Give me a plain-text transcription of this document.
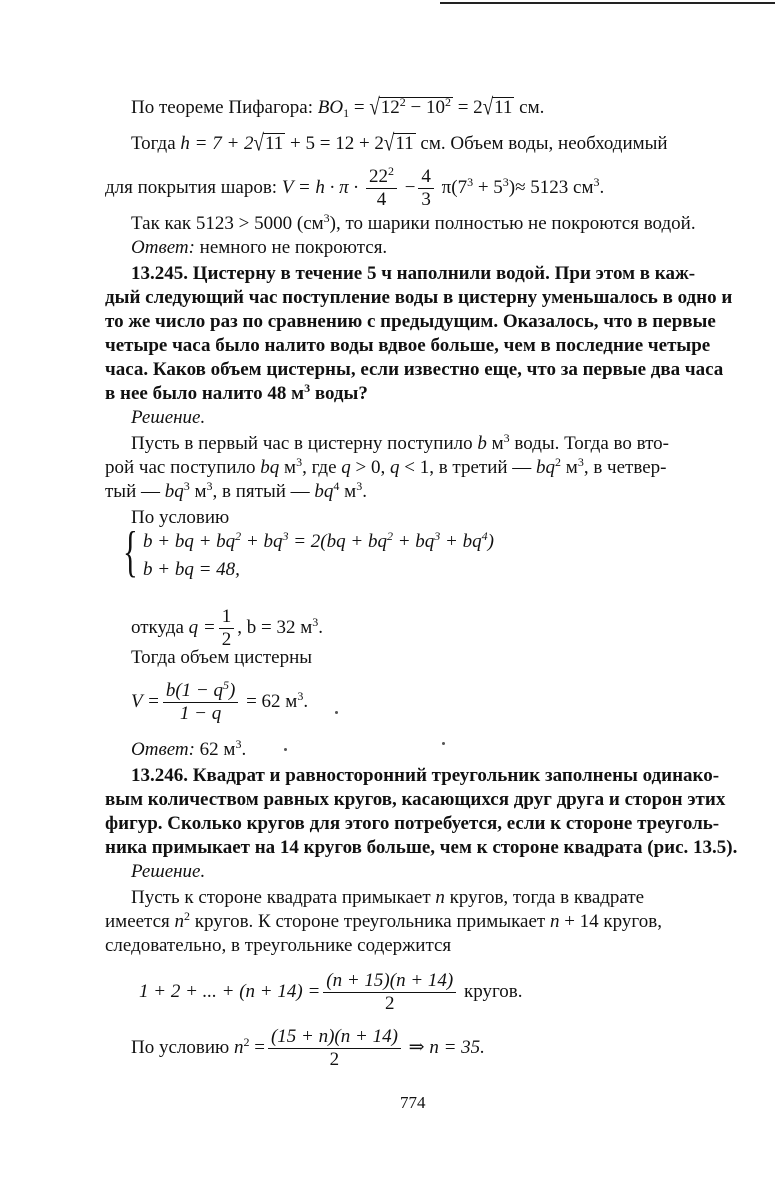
По теореме Пифагора: $BO_1 = √12^2 - 10^2 = 2√11$ см.

Тогда h = 7 + 2√11 + 5 = 12 + 2√11 см. Объем воды, необходимый

для покрытия шаров: $V = h \cdot \pi \cdot \frac{22^2}{4} - \frac{4}{3} \pi(7^3 + 5^3)\approx 5123$ $см^3$.

Так как 5123 > 5000 $(см^3)$, то шарики полностью не покроются водой.

Ответ: немного не покроются.

13.245. Цистерну в течение 5 ч наполнили водой. При этом в каж-

дый следующий час поступление воды в цистерну уменьшалось в одно и

то же число раз по сравнению с предыдущим. Оказалось, что в первые

четыре часа было налито воды вдвое больше, чем в последние четыре

часа. Каков объем цистерны, если известно еще, что за первые два часа

в нее было налито 48 $м^3$ воды?

Решение.

Пусть в первый час в цистерну поступило b $м^3$ воды. Тогда во вто-

рой час поступило bq $м^3$, где q > 0, q < 1, в третий — $bq^2$ $м^3$, в четвер-

тый — $bq^3$ $м^3$, в пятый — $bq^4$ $м^3$.

По условию

{ b + bq + $bq^2 + bq^3 = 2(bq + bq^2 + bq^3 + bq^4)$
b + bq = 48,

откуда $q = \frac{1}{2}$ , b = 32 $м^3$.

Тогда объем цистерны

$V = \frac{b(1 - q^5)}{1 - q} = 62$ $м^3$.

Ответ: 62 $м^3$.

13.246. Квадрат и равносторонний треугольник заполнены одинако-

вым количеством равных кругов, касающихся друг друга и сторон этих

фигур. Сколько кругов для этого потребуется, если к стороне треуголь-

ника примыкает на 14 кругов больше, чем к стороне квадрата (рис. 13.5).

Решение.

Пусть к стороне квадрата примыкает n кругов, тогда в квадрате

имеется $n^2$ кругов. К стороне треугольника примыкает n + 14 кругов,

следовательно, в треугольнике содержится

1 + 2 + ... + $(n + 14) = \frac{(n + 15)(n + 14)}{2}$ кругов.

По условию $n^2 = \frac{(15 + n)(n + 14)}{2}$ ⇒ n = 35.

774
